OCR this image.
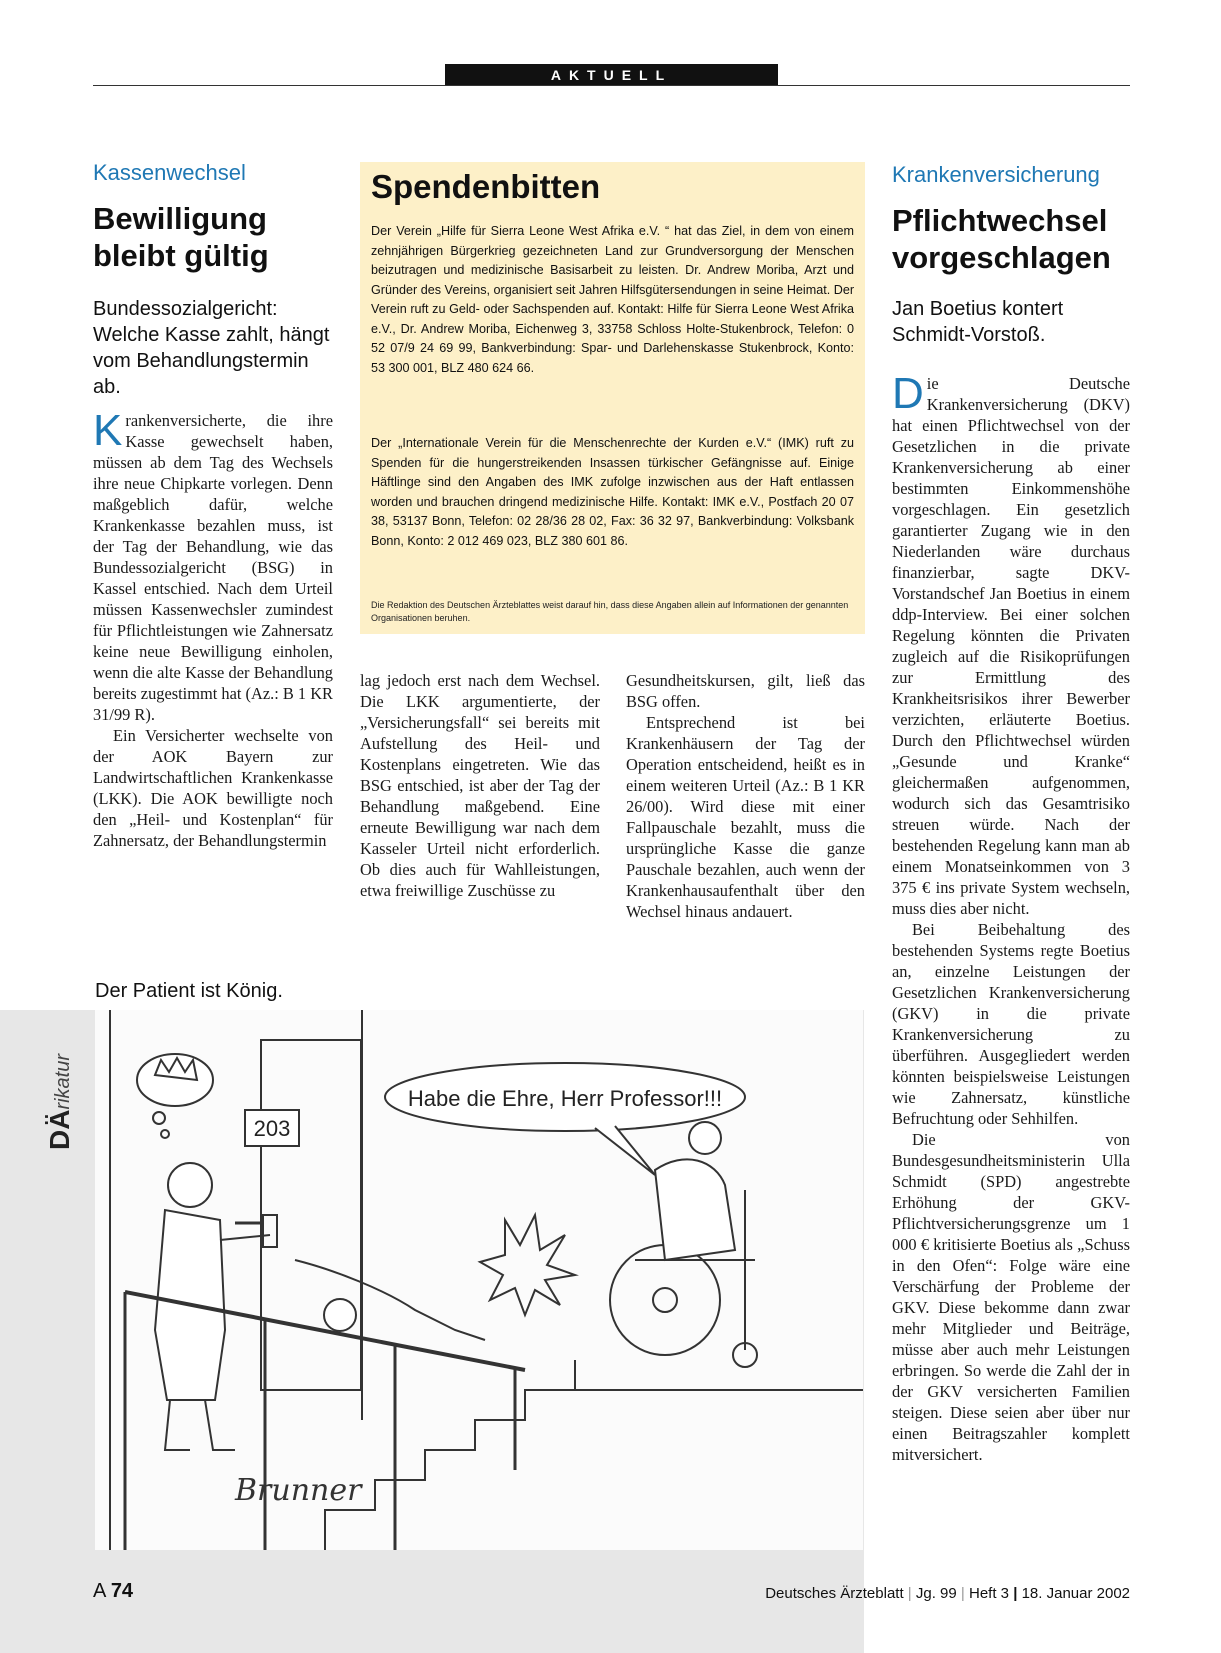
AKTUELL
Kassenwechsel
Bewilligung
bleibt gültig
Bundessozialgericht: Welche Kasse zahlt, hängt vom Behandlungstermin ab.

Krankenversicherte, die ihre Kasse gewechselt haben, müssen ab dem Tag des Wechsels ihre neue Chipkarte vorlegen. Denn maßgeblich dafür, welche Krankenkasse bezahlen muss, ist der Tag der Behandlung, wie das Bundessozialgericht (BSG) in Kassel entschied. Nach dem Urteil müssen Kassenwechsler zumindest für Pflichtleistungen wie Zahnersatz keine neue Bewilligung einholen, wenn die alte Kasse der Behandlung bereits zugestimmt hat (Az.: B 1 KR 31/99 R).

Ein Versicherter wechselte von der AOK Bayern zur Landwirtschaftlichen Krankenkasse (LKK). Die AOK bewilligte noch den „Heil- und Kostenplan“ für Zahnersatz, der Behandlungstermin

Spendenbitten
Der Verein „Hilfe für Sierra Leone West Afrika e.V. “ hat das Ziel, in dem von einem zehnjährigen Bürgerkrieg gezeichneten Land zur Grundversorgung der Menschen beizutragen und medizinische Basisarbeit zu leisten. Dr. Andrew Moriba, Arzt und Gründer des Vereins, organisiert seit Jahren Hilfsgütersendungen in seine Heimat. Der Verein ruft zu Geld- oder Sachspenden auf. Kontakt: Hilfe für Sierra Leone West Afrika e.V., Dr. Andrew Moriba, Eichenweg 3, 33758 Schloss Holte-Stukenbrock, Telefon: 0 52 07/9 24 69 99, Bankverbindung: Spar- und Darlehenskasse Stukenbrock, Konto: 53 300 001, BLZ 480 624 66.
Der „Internationale Verein für die Menschenrechte der Kurden e.V.“ (IMK) ruft zu Spenden für die hungerstreikenden Insassen türkischer Gefängnisse auf. Einige Häftlinge sind den Angaben des IMK zufolge inzwischen aus der Haft entlassen worden und brauchen dringend medizinische Hilfe. Kontakt: IMK e.V., Postfach 20 07 38, 53137 Bonn, Telefon: 02 28/36 28 02, Fax: 36 32 97, Bankverbindung: Volksbank Bonn, Konto: 2 012 469 023, BLZ 380 601 86.
Die Redaktion des Deutschen Ärzteblattes weist darauf hin, dass diese Angaben allein auf Informationen der genannten Organisationen beruhen.

lag jedoch erst nach dem Wechsel. Die LKK argumentierte, der „Versicherungsfall“ sei bereits mit Aufstellung des Heil- und Kostenplans eingetreten. Wie das BSG entschied, ist aber der Tag der Behandlung maßgebend. Eine erneute Bewilligung war nach dem Kasseler Urteil nicht erforderlich. Ob dies auch für Wahlleistungen, etwa freiwillige Zuschüsse zu

Gesundheitskursen, gilt, ließ das BSG offen.

Entsprechend ist bei Krankenhäusern der Tag der Operation entscheidend, heißt es in einem weiteren Urteil (Az.: B 1 KR 26/00). Wird diese mit einer Fallpauschale bezahlt, muss die ursprüngliche Kasse die ganze Pauschale bezahlen, auch wenn der Krankenhausaufenthalt über den Wechsel hinaus andauert.

Krankenversicherung
Pflichtwechsel
vorgeschlagen
Jan Boetius kontert Schmidt-Vorstoß.

Die Deutsche Krankenversicherung (DKV) hat einen Pflichtwechsel von der Gesetzlichen in die private Krankenversicherung ab einer bestimmten Einkommenshöhe vorgeschlagen. Ein gesetzlich garantierter Zugang wie in den Niederlanden wäre durchaus finanzierbar, sagte DKV-Vorstandschef Jan Boetius in einem ddp-Interview. Bei einer solchen Regelung könnten die Privaten zugleich auf die Risikoprüfungen zur Ermittlung des Krankheitsrisikos ihrer Bewerber verzichten, erläuterte Boetius. Durch den Pflichtwechsel würden „Gesunde und Kranke“ gleichermaßen aufgenommen, wodurch sich das Gesamtrisiko streuen würde. Nach der bestehenden Regelung kann man ab einem Monatseinkommen von 3 375 € ins private System wechseln, muss dies aber nicht.

Bei Beibehaltung des bestehenden Systems regte Boetius an, einzelne Leistungen der Gesetzlichen Krankenversicherung (GKV) in die private Krankenversicherung zu überführen. Ausgegliedert werden könnten beispielsweise Leistungen wie Zahnersatz, künstliche Befruchtung oder Sehhilfen.

Die von Bundesgesundheitsministerin Ulla Schmidt (SPD) angestrebte Erhöhung der GKV-Pflichtversicherungsgrenze um 1 000 € kritisierte Boetius als „Schuss in den Ofen“: Folge wäre eine Verschärfung der Probleme der GKV. Diese bekomme dann zwar mehr Mitglieder und Beiträge, müsse aber auch mehr Leistungen erbringen. So werde die Zahl der in der GKV versicherten Familien steigen. Diese seien aber über nur einen Beitragszahler komplett mitversichert.

Der Patient ist König.
DÄrikatur	Habe die Ehre, Herr Professor!!!
203
Brunner
A 74	Deutsches Ärzteblatt | Jg. 99 | Heft 3 | 18. Januar 2002
